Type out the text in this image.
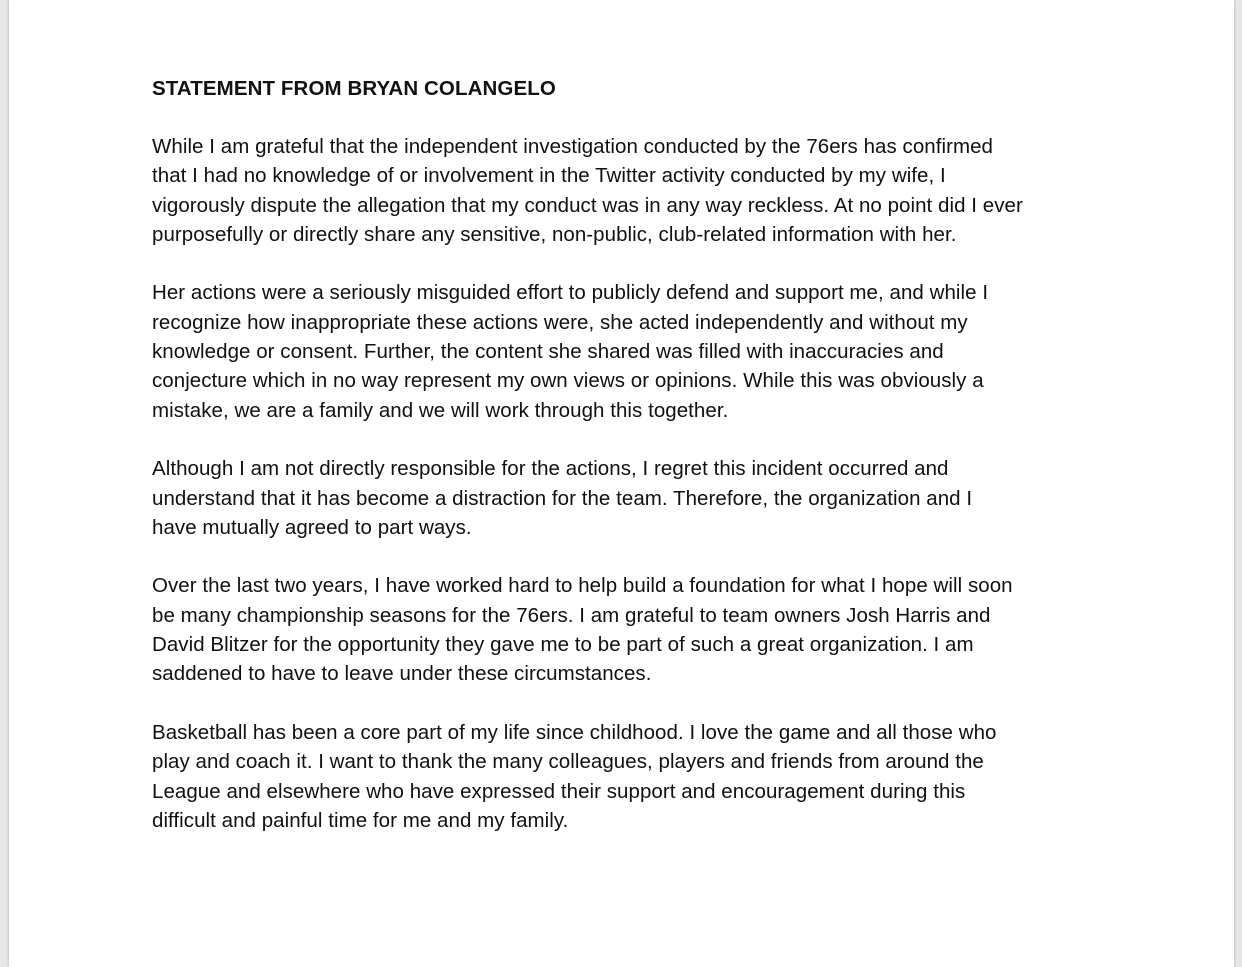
STATEMENT FROM BRYAN COLANGELO

While I am grateful that the independent investigation conducted by the 76ers has confirmed
that I had no knowledge of or involvement in the Twitter activity conducted by my wife, I
vigorously dispute the allegation that my conduct was in any way reckless. At no point did I ever
purposefully or directly share any sensitive, non-public, club-related information with her.

Her actions were a seriously misguided effort to publicly defend and support me, and while I
recognize how inappropriate these actions were, she acted independently and without my
knowledge or consent. Further, the content she shared was filled with inaccuracies and
conjecture which in no way represent my own views or opinions. While this was obviously a
mistake, we are a family and we will work through this together.

Although I am not directly responsible for the actions, I regret this incident occurred and
understand that it has become a distraction for the team. Therefore, the organization and I
have mutually agreed to part ways.

Over the last two years, I have worked hard to help build a foundation for what I hope will soon
be many championship seasons for the 76ers. I am grateful to team owners Josh Harris and
David Blitzer for the opportunity they gave me to be part of such a great organization. I am
saddened to have to leave under these circumstances.

Basketball has been a core part of my life since childhood. I love the game and all those who
play and coach it. I want to thank the many colleagues, players and friends from around the
League and elsewhere who have expressed their support and encouragement during this
difficult and painful time for me and my family.
